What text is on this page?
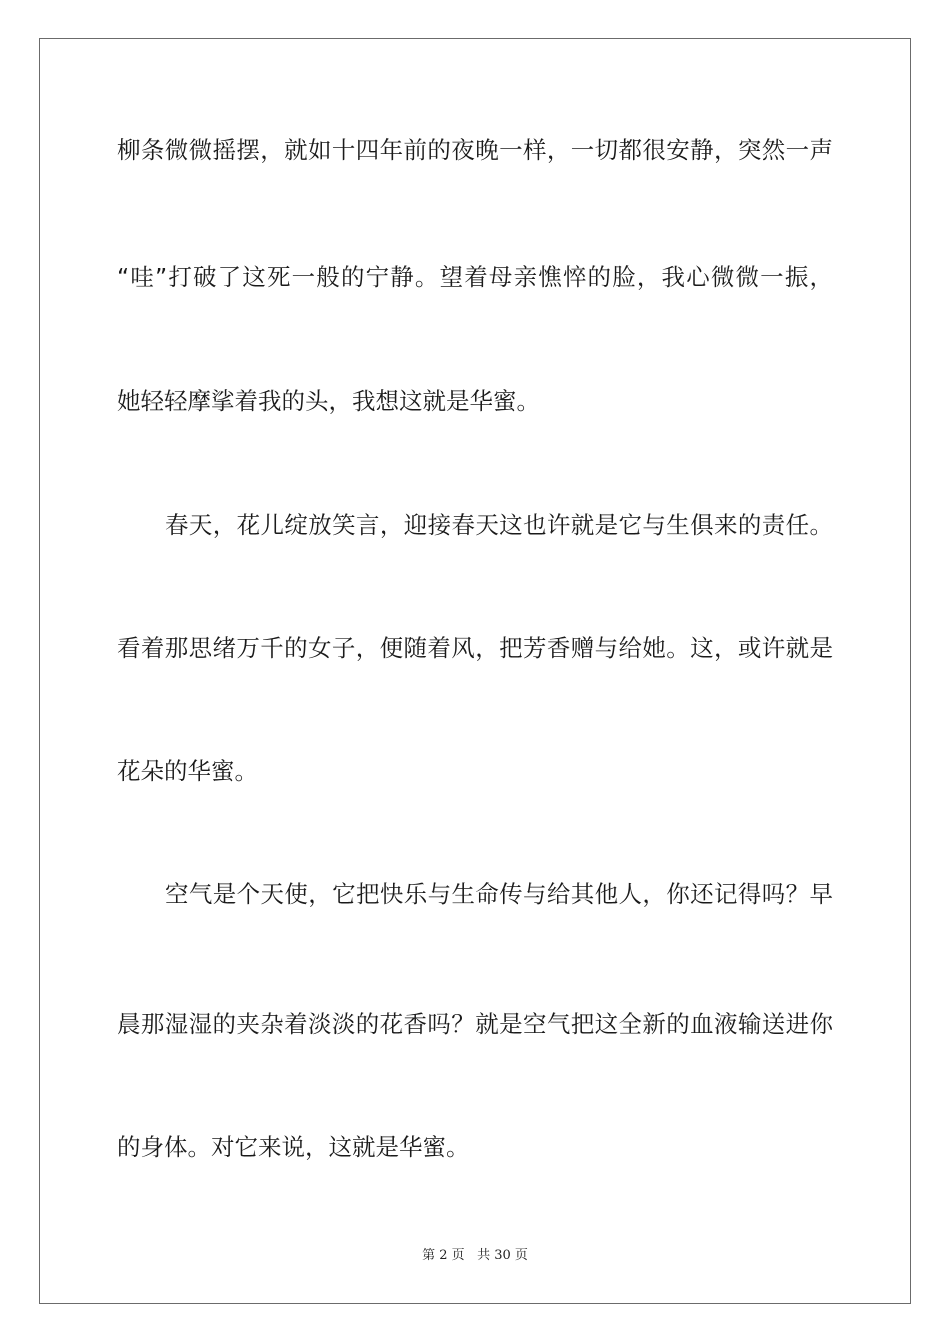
柳条微微摇摆，就如十四年前的夜晚一样，一切都很安静，突然一声
“哇”打破了这死一般的宁静。望着母亲憔悴的脸，我心微微一振，
她轻轻摩挲着我的头，我想这就是华蜜。
春天，花儿绽放笑言，迎接春天这也许就是它与生俱来的责任。
看着那思绪万千的女子，便随着风，把芳香赠与给她。这，或许就是
花朵的华蜜。
空气是个天使，它把快乐与生命传与给其他人，你还记得吗？早
晨那湿湿的夹杂着淡淡的花香吗？就是空气把这全新的血液输送进你
的身体。对它来说，这就是华蜜。
第 2 页 共 30 页
